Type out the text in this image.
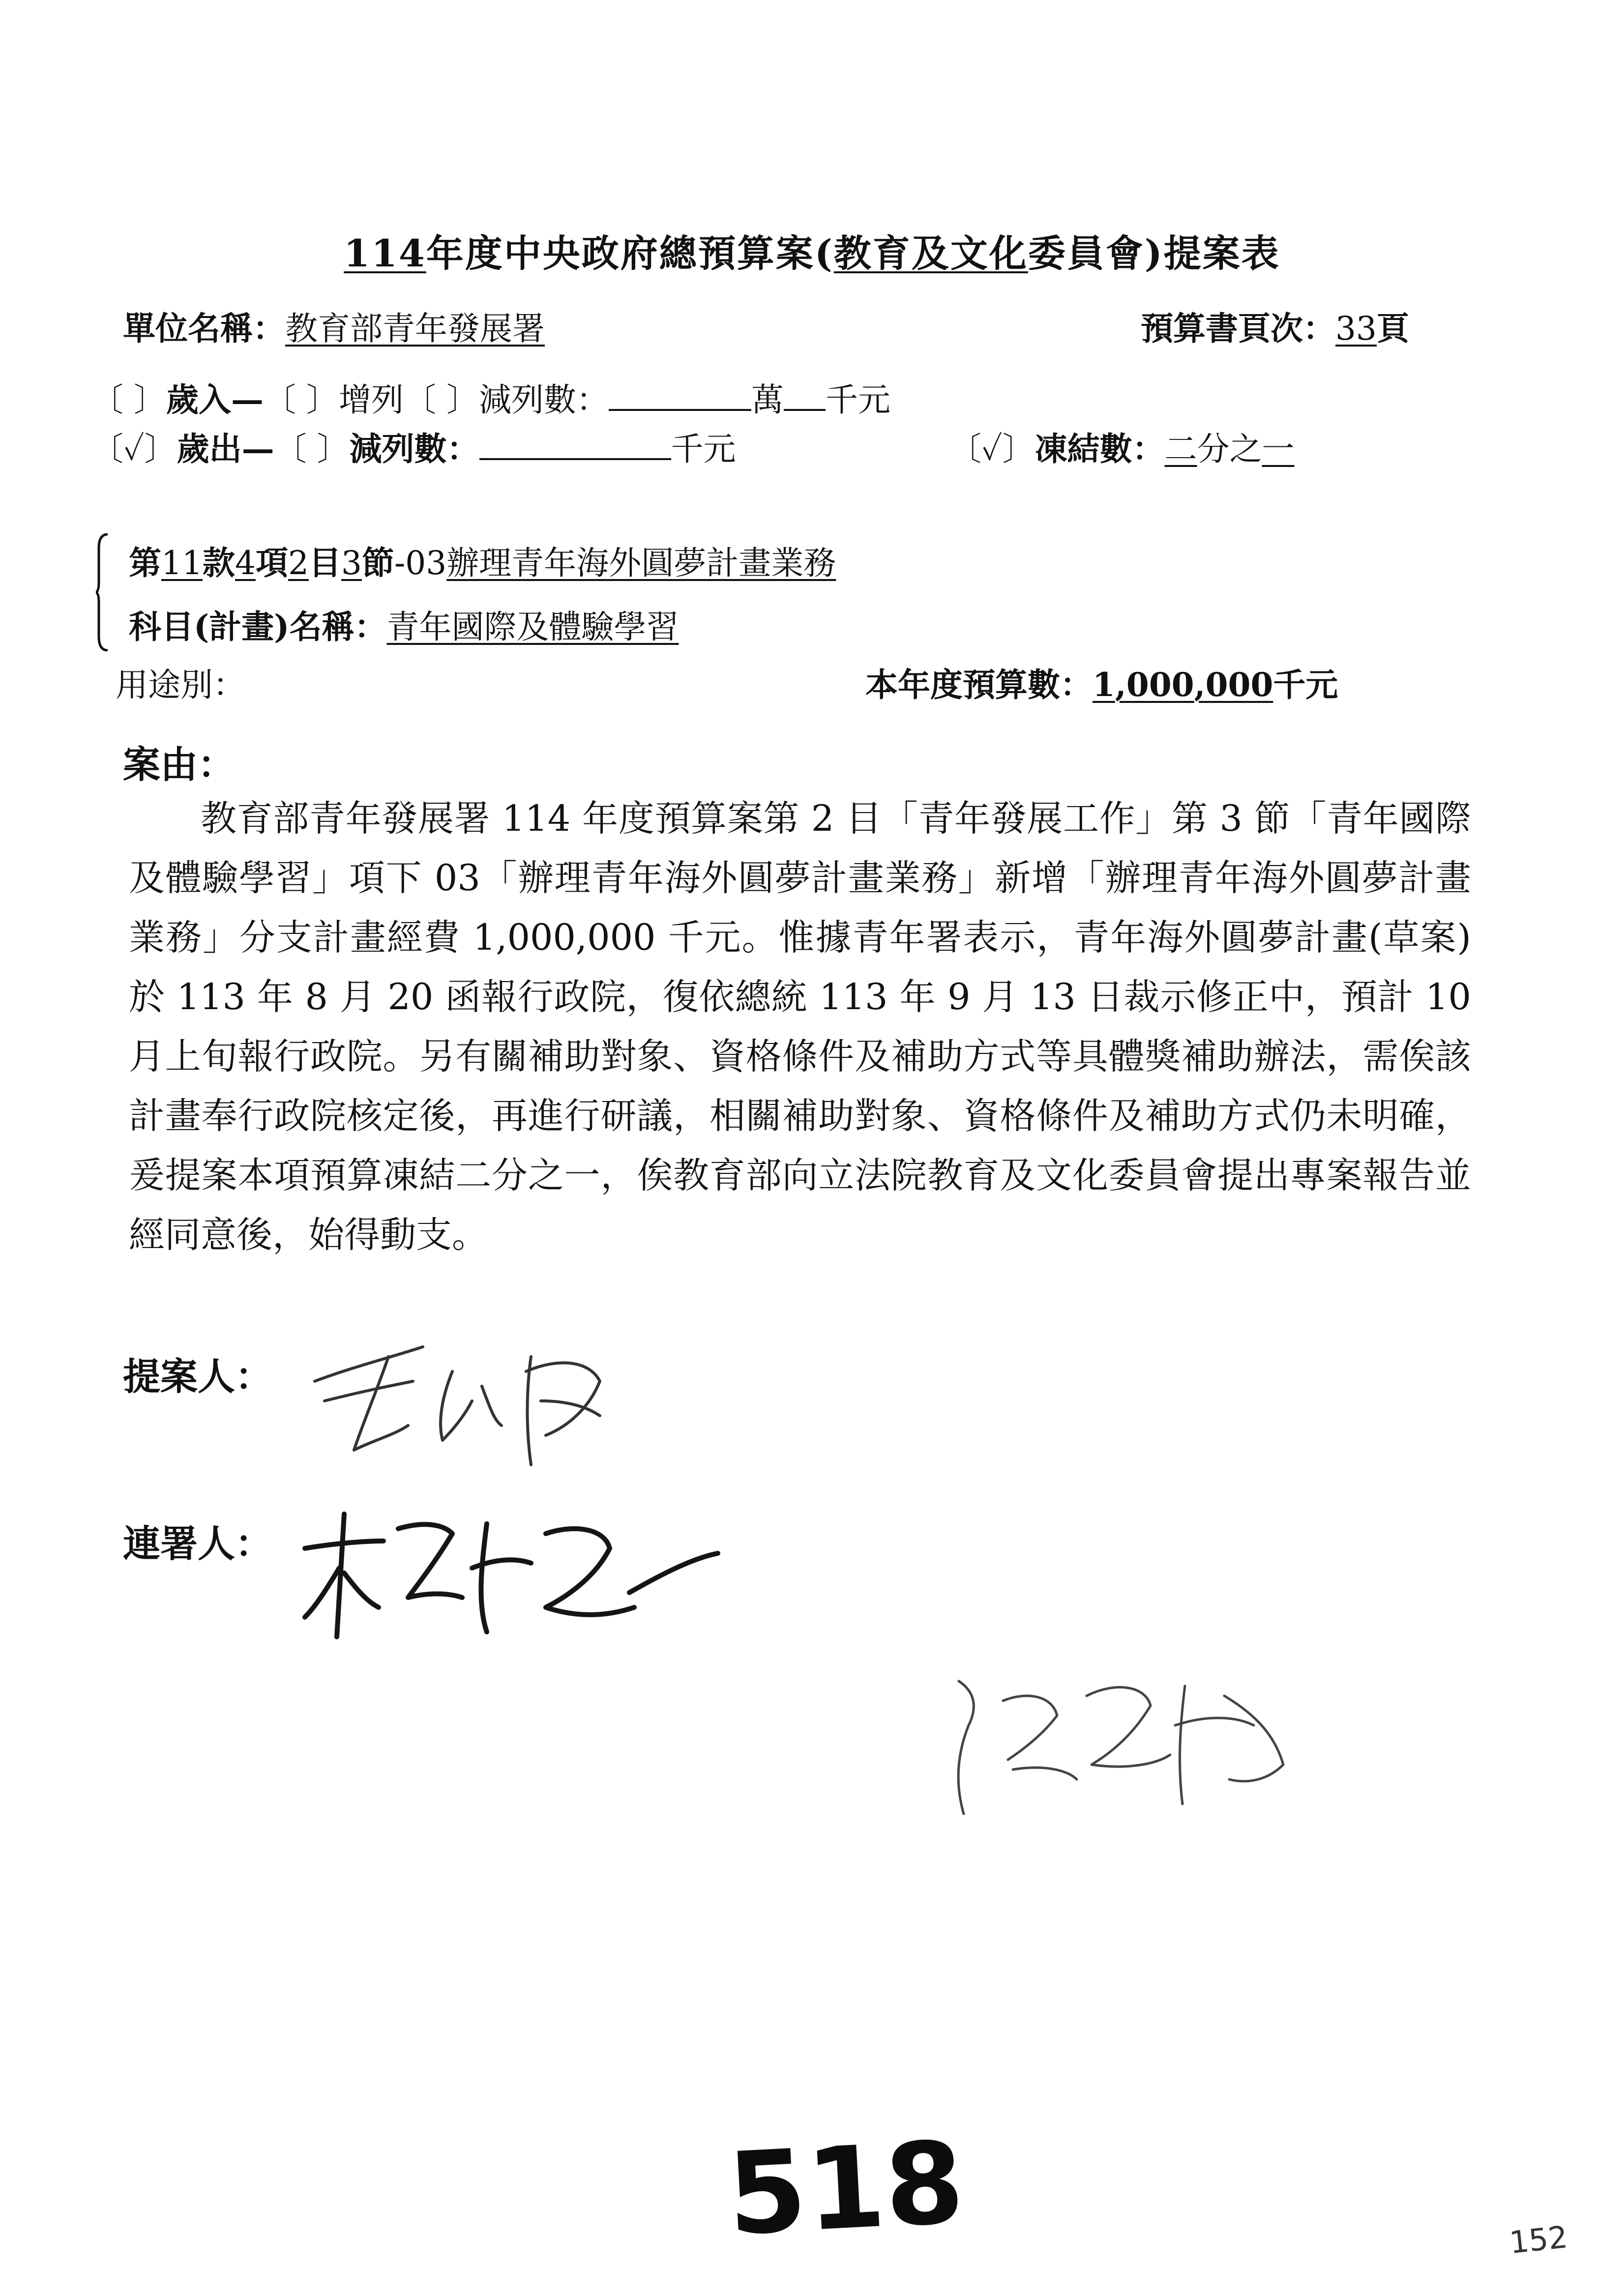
114年度中央政府總預算案(教育及文化委員會)提案表
單位名稱：教育部青年發展署	預算書頁次：33頁
〔 〕歲入—〔 〕增列〔 〕減列數：	萬 千元
〔✓〕歲出—〔 〕減列數：	千元	〔✓〕凍結數：二分之一
第11款4項2目3節-03辦理青年海外圓夢計畫業務
科目(計畫)名稱：青年國際及體驗學習
用途別：	本年度預算數：1,000,000千元
案由：

教育部青年發展署 114 年度預算案第 2 目「青年發展工作」第 3 節「青年國際及體驗學習」項下 03「辦理青年海外圓夢計畫業務」新增「辦理青年海外圓夢計畫業務」分支計畫經費 1,000,000 千元。惟據青年署表示，青年海外圓夢計畫(草案)於 113 年 8 月 20 函報行政院，復依總統 113 年 9 月 13 日裁示修正中，預計 10 月上旬報行政院。另有關補助對象、資格條件及補助方式等具體獎補助辦法，需俟該計畫奉行政院核定後，再進行研議，相關補助對象、資格條件及補助方式仍未明確，爰提案本項預算凍結二分之一，俟教育部向立法院教育及文化委員會提出專案報告並經同意後，始得動支。

提案人：
連署人：
518	152
